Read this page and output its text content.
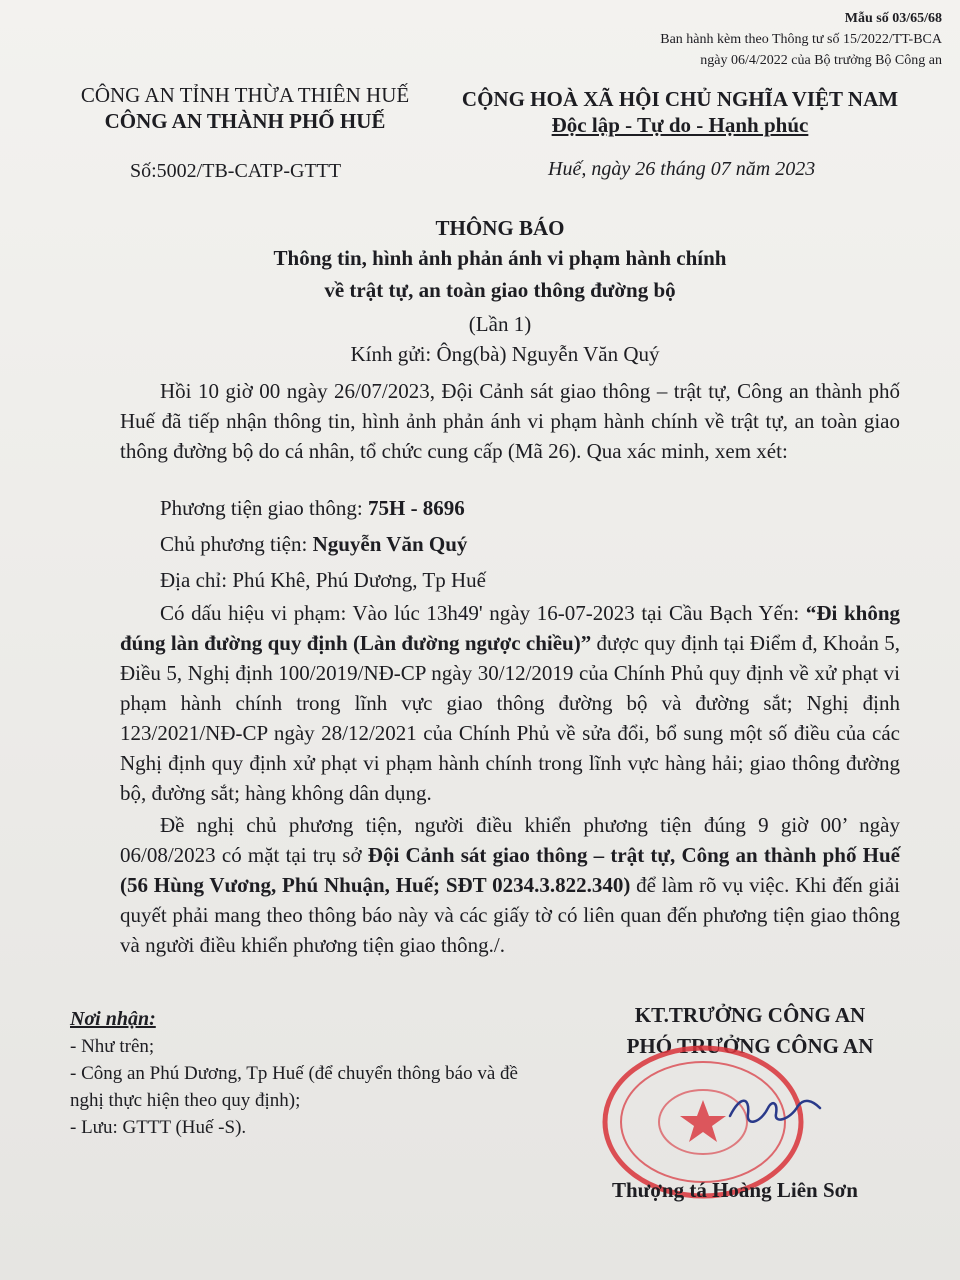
Mẫu số 03/65/68
Ban hành kèm theo Thông tư số 15/2022/TT-BCA
ngày 06/4/2022 của Bộ trưởng Bộ Công an
CÔNG AN TỈNH THỪA THIÊN HUẾ
CÔNG AN THÀNH PHỐ HUẾ
CỘNG HOÀ XÃ HỘI CHỦ NGHĨA VIỆT NAM
Độc lập - Tự do - Hạnh phúc
Số:5002/TB-CATP-GTTT	Huế, ngày 26 tháng 07 năm 2023
THÔNG BÁO
Thông tin, hình ảnh phản ánh vi phạm hành chính
về trật tự, an toàn giao thông đường bộ
(Lần 1)
Kính gửi: Ông(bà) Nguyễn Văn Quý
Hồi 10 giờ 00 ngày 26/07/2023, Đội Cảnh sát giao thông – trật tự, Công an thành phố Huế đã tiếp nhận thông tin, hình ảnh phản ánh vi phạm hành chính về trật tự, an toàn giao thông đường bộ do cá nhân, tổ chức cung cấp (Mã 26). Qua xác minh, xem xét:
Phương tiện giao thông: 75H - 8696
Chủ phương tiện: Nguyễn Văn Quý
Địa chỉ: Phú Khê, Phú Dương, Tp Huế
Có dấu hiệu vi phạm: Vào lúc 13h49' ngày 16-07-2023 tại Cầu Bạch Yến: “Đi không đúng làn đường quy định (Làn đường ngược chiều)” được quy định tại Điểm đ, Khoản 5, Điều 5, Nghị định 100/2019/NĐ-CP ngày 30/12/2019 của Chính Phủ quy định về xử phạt vi phạm hành chính trong lĩnh vực giao thông đường bộ và đường sắt; Nghị định 123/2021/NĐ-CP ngày 28/12/2021 của Chính Phủ về sửa đổi, bổ sung một số điều của các Nghị định quy định xử phạt vi phạm hành chính trong lĩnh vực hàng hải; giao thông đường bộ, đường sắt; hàng không dân dụng.
Đề nghị chủ phương tiện, người điều khiển phương tiện đúng 9 giờ 00’ ngày 06/08/2023 có mặt tại trụ sở Đội Cảnh sát giao thông – trật tự, Công an thành phố Huế (56 Hùng Vương, Phú Nhuận, Huế; SĐT 0234.3.822.340) để làm rõ vụ việc. Khi đến giải quyết phải mang theo thông báo này và các giấy tờ có liên quan đến phương tiện giao thông và người điều khiển phương tiện giao thông./.
Nơi nhận:
- Như trên;
- Công an Phú Dương, Tp Huế (để chuyển thông báo và đề nghị thực hiện theo quy định);
- Lưu: GTTT (Huế -S).
KT.TRƯỞNG CÔNG AN
PHÓ TRƯỞNG CÔNG AN
Thượng tá Hoàng Liên Sơn
